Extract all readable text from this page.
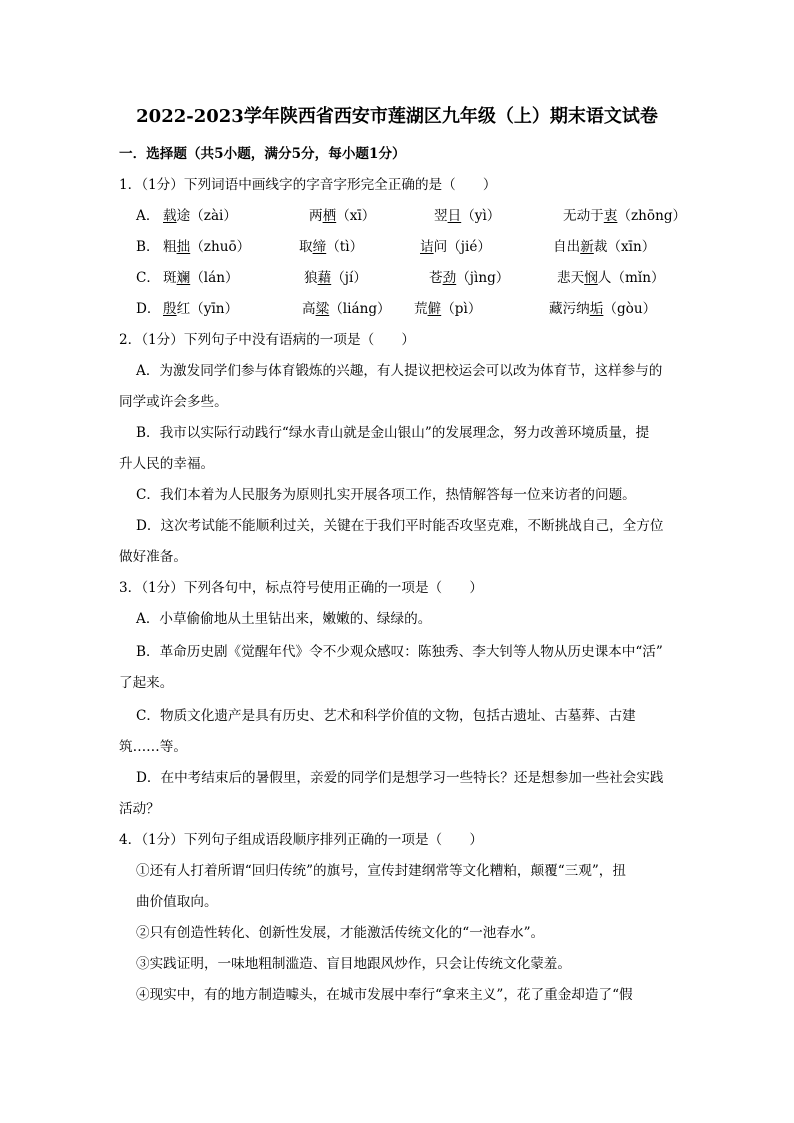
2022-2023学年陕西省西安市莲湖区九年级（上）期末语文试卷
一．选择题（共5小题，满分5分，每小题1分）
1．（1分）下列词语中画线字的字音字形完全正确的是（　　）
A． 载途（zài）	两栖（xī）	翌日（yì）	无动于衷（zhōng）
B． 粗拙（zhuō）	取缔（tì）	诘问（jié）	自出新裁（xīn）
C． 斑斓（lán）	狼藉（jí）	苍劲（jìng）	悲天悯人（mǐn）
D． 殷红（yīn）	高粱（liáng） 荒僻（pì）	藏污纳垢（gòu）
2．（1分）下列句子中没有语病的一项是（　　）
A．为激发同学们参与体育锻炼的兴趣，有人提议把校运会可以改为体育节，这样参与的
同学或许会多些。
B．我市以实际行动践行“绿水青山就是金山银山”的发展理念，努力改善环境质量，提
升人民的幸福。
C．我们本着为人民服务为原则扎实开展各项工作，热情解答每一位来访者的问题。
D．这次考试能不能顺利过关，关键在于我们平时能否攻坚克难，不断挑战自己，全方位
做好准备。
3．（1分）下列各句中，标点符号使用正确的一项是（　　）
A．小草偷偷地从土里钻出来，嫩嫩的、绿绿的。
B．革命历史剧《觉醒年代》令不少观众感叹：陈独秀、李大钊等人物从历史课本中“活”
了起来。
C．物质文化遗产是具有历史、艺术和科学价值的文物，包括古遗址、古墓葬、古建
筑……等。
D．在中考结束后的暑假里，亲爱的同学们是想学习一些特长？还是想参加一些社会实践
活动？
4．（1分）下列句子组成语段顺序排列正确的一项是（　　）
①还有人打着所谓“回归传统”的旗号，宣传封建纲常等文化糟粕，颠覆“三观”，扭
曲价值取向。
②只有创造性转化、创新性发展，才能激活传统文化的“一池春水”。
③实践证明，一味地粗制滥造、盲目地跟风炒作，只会让传统文化蒙羞。
④现实中，有的地方制造噱头，在城市发展中奉行“拿来主义”，花了重金却造了“假
